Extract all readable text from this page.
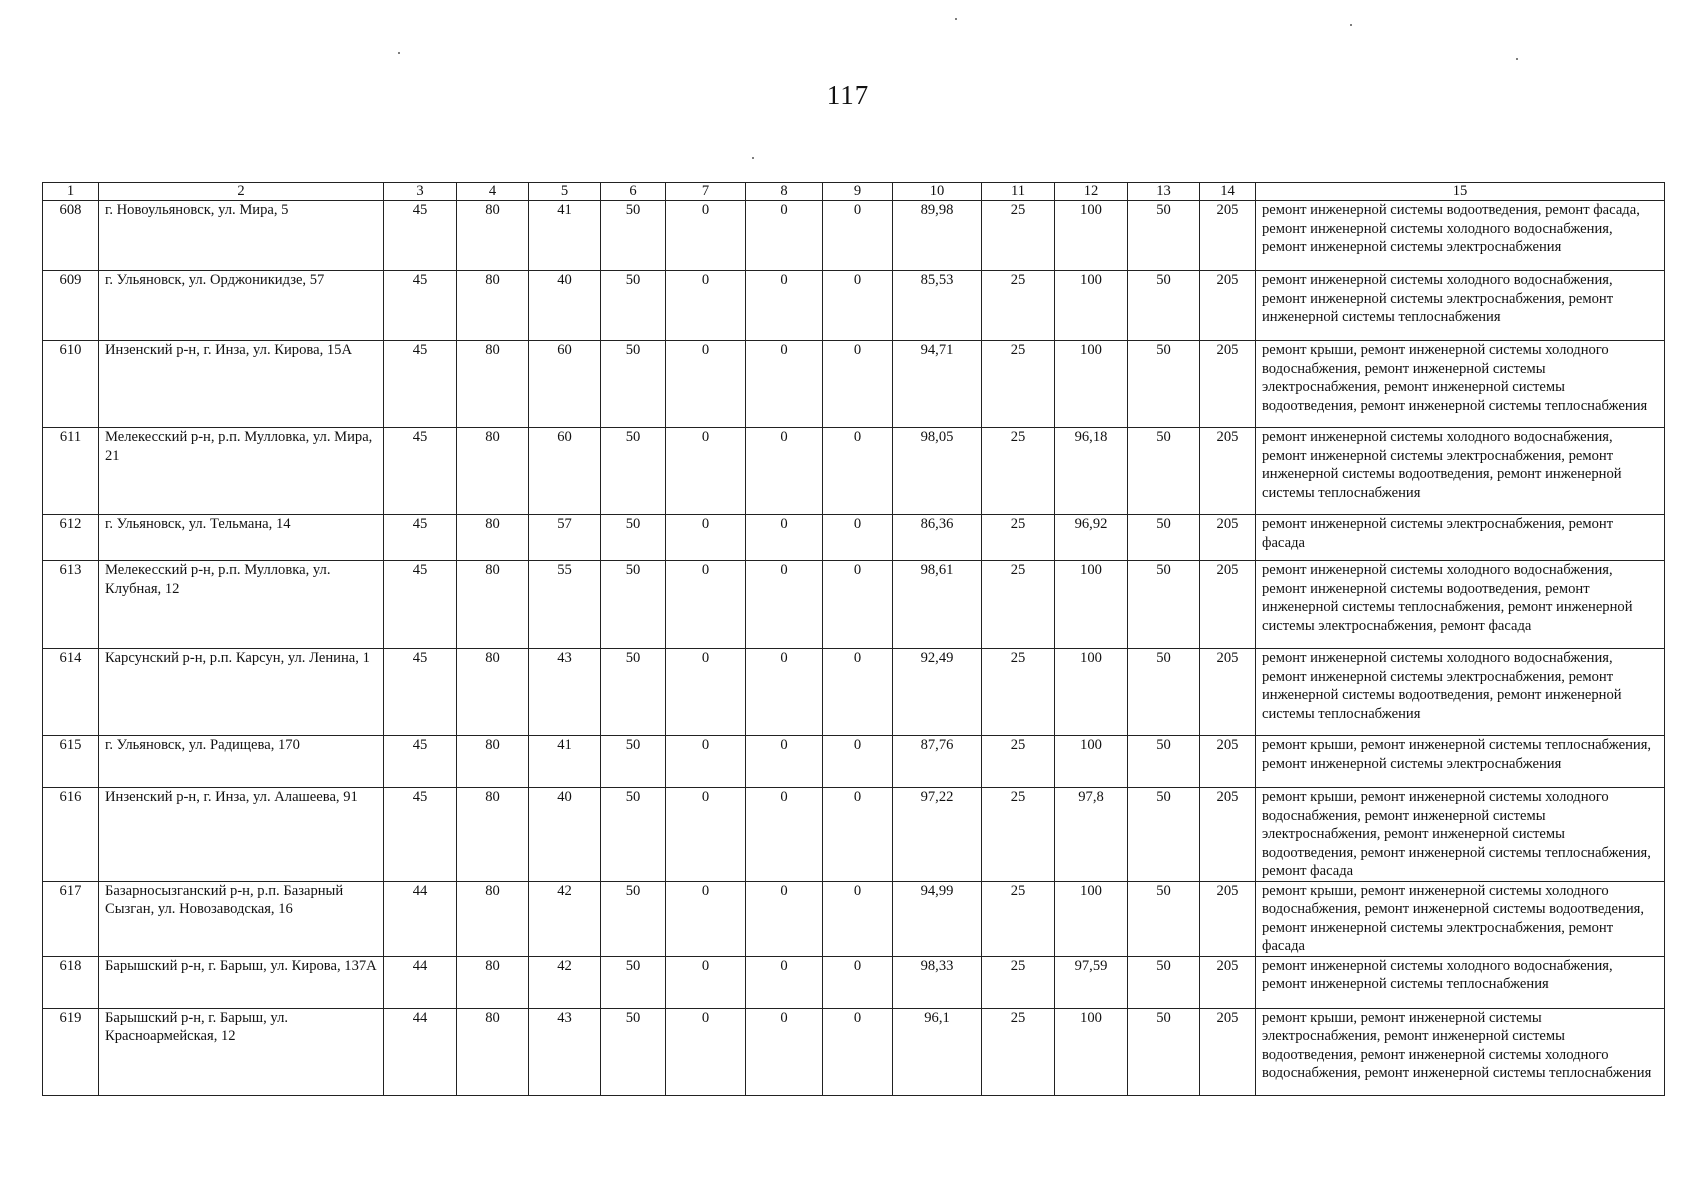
117
1	2	3	4	5	6	7	8	9	10	11	12	13	14	15
608	г. Новоульяновск, ул. Мира, 5	45	80	41	50	0	0	0	89,98	25	100	50	205	ремонт инженерной системы водоотведения, ремонт фасада, ремонт инженерной системы холодного водоснабжения, ремонт инженерной системы электроснабжения
609	г. Ульяновск, ул. Орджоникидзе, 57	45	80	40	50	0	0	0	85,53	25	100	50	205	ремонт инженерной системы холодного водоснабжения, ремонт инженерной системы электроснабжения, ремонт инженерной системы теплоснабжения
610	Инзенский р-н, г. Инза, ул. Кирова, 15А	45	80	60	50	0	0	0	94,71	25	100	50	205	ремонт крыши, ремонт инженерной системы холодного водоснабжения, ремонт инженерной системы электроснабжения, ремонт инженерной системы водоотведения, ремонт инженерной системы теплоснабжения
611	Мелекесский р-н, р.п. Мулловка, ул. Мира, 21	45	80	60	50	0	0	0	98,05	25	96,18	50	205	ремонт инженерной системы холодного водоснабжения, ремонт инженерной системы электроснабжения, ремонт инженерной системы водоотведения, ремонт инженерной системы теплоснабжения
612	г. Ульяновск, ул. Тельмана, 14	45	80	57	50	0	0	0	86,36	25	96,92	50	205	ремонт инженерной системы электроснабжения, ремонт фасада
613	Мелекесский р-н, р.п. Мулловка, ул. Клубная, 12	45	80	55	50	0	0	0	98,61	25	100	50	205	ремонт инженерной системы холодного водоснабжения, ремонт инженерной системы водоотведения, ремонт инженерной системы теплоснабжения, ремонт инженерной системы электроснабжения, ремонт фасада
614	Карсунский р-н, р.п. Карсун, ул. Ленина, 1	45	80	43	50	0	0	0	92,49	25	100	50	205	ремонт инженерной системы холодного водоснабжения, ремонт инженерной системы электроснабжения, ремонт инженерной системы водоотведения, ремонт инженерной системы теплоснабжения
615	г. Ульяновск, ул. Радищева, 170	45	80	41	50	0	0	0	87,76	25	100	50	205	ремонт крыши, ремонт инженерной системы теплоснабжения, ремонт инженерной системы электроснабжения
616	Инзенский р-н, г. Инза, ул. Алашеева, 91	45	80	40	50	0	0	0	97,22	25	97,8	50	205	ремонт крыши, ремонт инженерной системы холодного водоснабжения, ремонт инженерной системы электроснабжения, ремонт инженерной системы водоотведения, ремонт инженерной системы теплоснабжения, ремонт фасада
617	Базарносызганский р-н, р.п. Базарный Сызган, ул. Новозаводская, 16	44	80	42	50	0	0	0	94,99	25	100	50	205	ремонт крыши, ремонт инженерной системы холодного водоснабжения, ремонт инженерной системы водоотведения, ремонт инженерной системы электроснабжения, ремонт фасада
618	Барышский р-н, г. Барыш, ул. Кирова, 137А	44	80	42	50	0	0	0	98,33	25	97,59	50	205	ремонт инженерной системы холодного водоснабжения, ремонт инженерной системы теплоснабжения
619	Барышский р-н, г. Барыш, ул. Красноармейская, 12	44	80	43	50	0	0	0	96,1	25	100	50	205	ремонт крыши, ремонт инженерной системы электроснабжения, ремонт инженерной системы водоотведения, ремонт инженерной системы холодного водоснабжения, ремонт инженерной системы теплоснабжения
